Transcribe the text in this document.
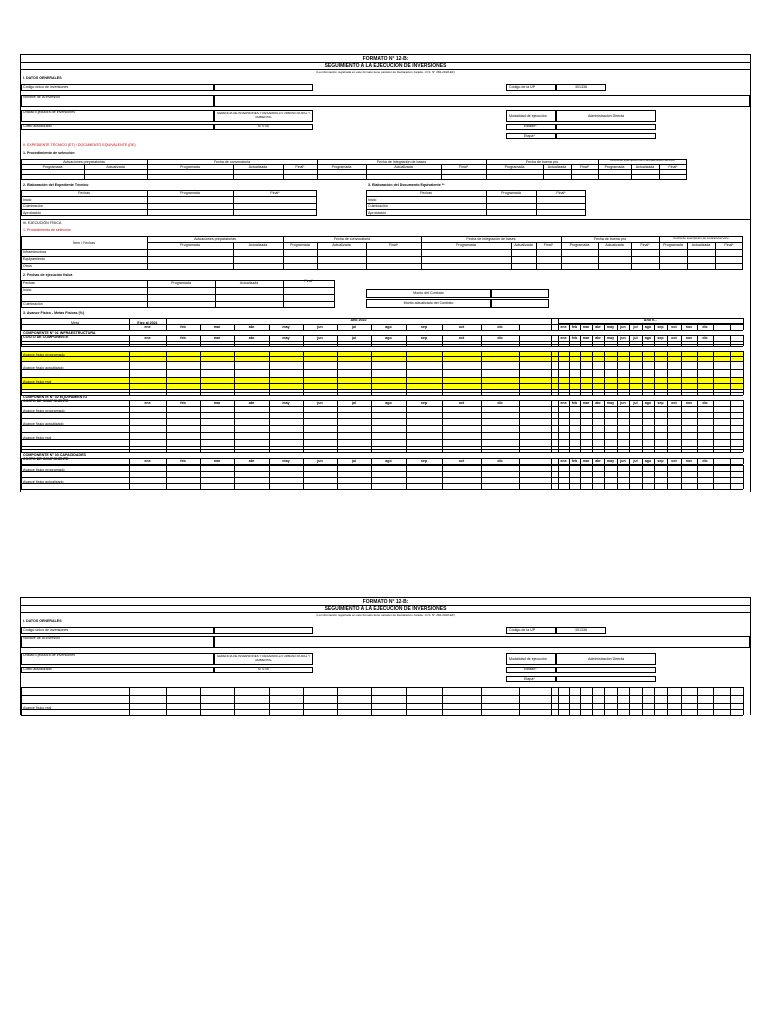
FORMATO N° 12-B:
SEGUIMIENTO A LA EJECUCIÓN DE INVERSIONES
(La información registrada en este formato tiene carácter de Declaración Jurada - D.S. N° 284-2018-EF)
I. DATOS GENERALES
Código único de inversiones	Código de la UP	301336
Nombre de la inversión
Unidad Ejecutora de Inversiones	GERENCIA DE INVERSIONES Y DESARROLLO URBANO RURAL Y AMBIENTAL	Modalidad de ejecución	Administración Directa
Costo actualizado	S/ 0.00	Estado*
Etapa*
II. EXPEDIENTE TÉCNICO (ET) / DOCUMENTO EQUIVALENTE (DE)
1. Procedimiento de selección
Actuaciones preparatorias	Fecha de convocatoria	Fecha de integración de bases	Fecha de buena pro	Fecha de suscripción del contrato/orden servicio
Programada	Actualizada	Programada	Actualizada	Final*	Programada	Actualizada	Final*	Programada	Actualizada	Final*	Programada	Actualizada	Final*
2. Elaboración del Expediente Técnico
Fechas	Programada	Final*
Inicio
Culminación
Aprobación
3. Elaboración del Documento Equivalente **
Fechas	Programada	Final*
Inicio
Culminación
Aprobación
III. EJECUCIÓN FÍSICA
1. Procedimiento de selección
Ítem / Fechas
Actuaciones preparatorias	Fecha de convocatoria	Fecha de integración de bases	Fecha de buena pro	Fecha de suscripción de contrato/servicio
Programada	Actualizada	Programada	Actualizada	Final*	Programada	Actualizada	Final*	Programada	Actualizada	Final*	Programada	Actualizada	Final*
Infraestructura
Equipamiento
Otros
2. Fechas de ejecución física
Fechas	Programada	Actualizada	Final*
Inicio
Culminación
Monto del Contrato
Monto actualizado del Contrato
3. Avance Físico - Metas Físicas (%)
Meta	Ejec al 2021
Año 2022	Año n...
ene	feb	mar	abr	may	jun	jul	ago	sep	oct	dic	ene	feb	mar	abr	may	jun	jul	ago	sep	oct	nov	dic
COMPONENTE N° 01 INFRAESTRUCTURA
COSTO DE COMPONENTE	ene	feb	mar	abr	may	jun	jul	ago	sep	oct	dic	ene	feb	mar	abr	may	jun	jul	ago	sep	oct	nov	dic
Avance físico programado
Avance físico actualizado
Avance físico real
COMPONENTE N° 02 EQUIPAMIENTO
COSTO DE COMPONENTE	ene	feb	mar	abr	may	jun	jul	ago	sep	oct	dic	ene	feb	mar	abr	may	jun	jul	ago	sep	oct	nov	dic
Avance físico programado
Avance físico actualizado
Avance físico real
COMPONENTE N° 03 CAPACIDADES
COSTO DE COMPONENTE	ene	feb	mar	abr	may	jun	jul	ago	sep	oct	dic	ene	feb	mar	abr	may	jun	jul	ago	sep	oct	nov	dic
Avance físico programado
Avance físico actualizado
FORMATO N° 12-B:
SEGUIMIENTO A LA EJECUCIÓN DE INVERSIONES
(La información registrada en este formato tiene carácter de Declaración Jurada - D.S. N° 284-2018-EF)
I. DATOS GENERALES
Código único de inversiones	Código de la UP	301336
Nombre de la inversión
Unidad Ejecutora de Inversiones	GERENCIA DE INVERSIONES Y DESARROLLO URBANO RURAL Y AMBIENTAL	Modalidad de ejecución	Administración Directa
Costo actualizado	S/ 0.00	Estado*
Etapa*
Avance físico real
